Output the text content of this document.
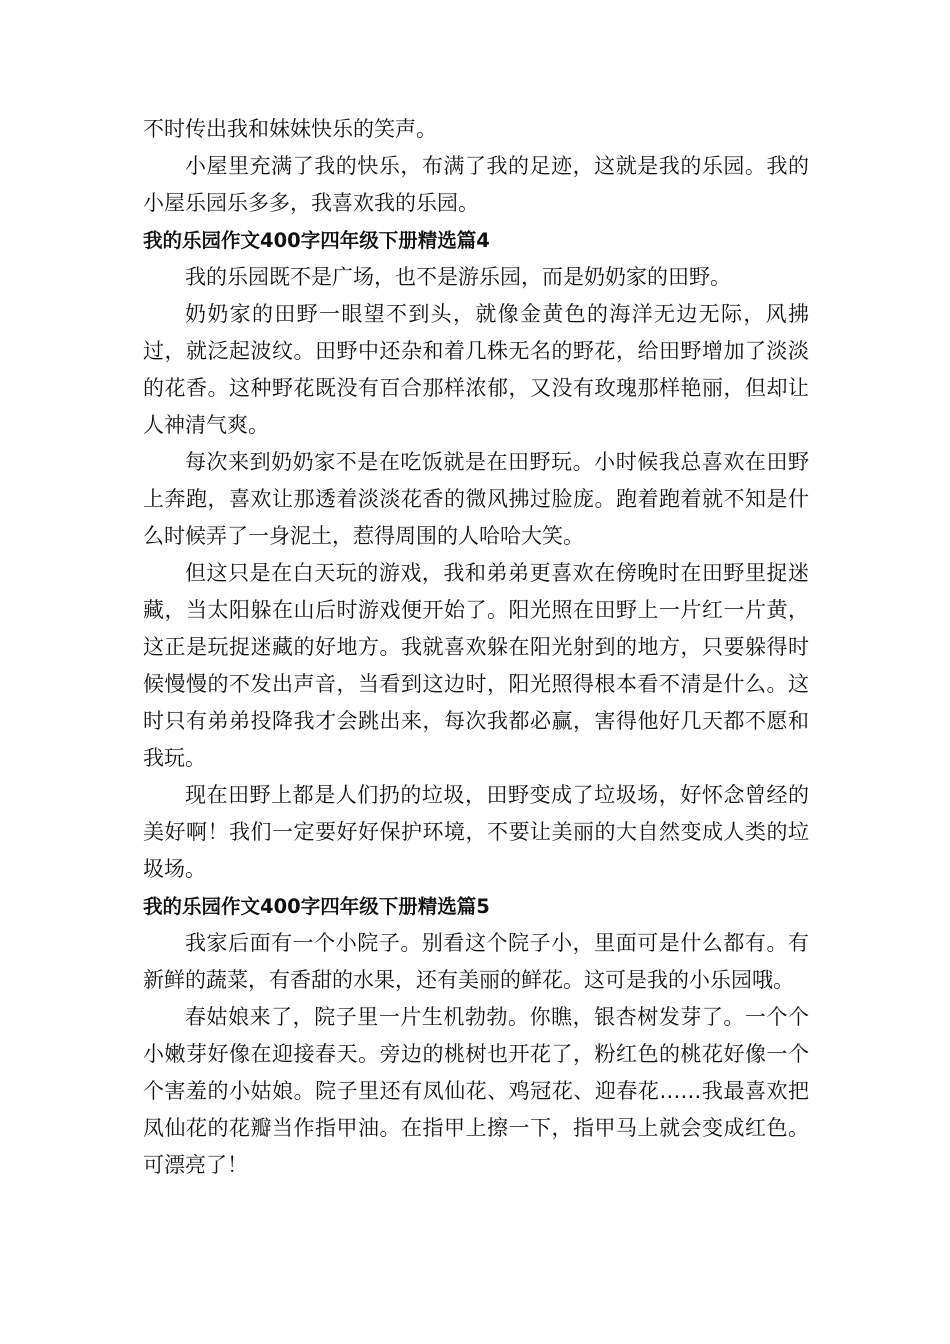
不时传出我和妹妹快乐的笑声。

小屋里充满了我的快乐，布满了我的足迹，这就是我的乐园。我的小屋乐园乐多多，我喜欢我的乐园。

我的乐园作文400字四年级下册精选篇4

我的乐园既不是广场，也不是游乐园，而是奶奶家的田野。

奶奶家的田野一眼望不到头，就像金黄色的海洋无边无际，风拂过，就泛起波纹。田野中还杂和着几株无名的野花，给田野增加了淡淡的花香。这种野花既没有百合那样浓郁，又没有玫瑰那样艳丽，但却让人神清气爽。

每次来到奶奶家不是在吃饭就是在田野玩。小时候我总喜欢在田野上奔跑，喜欢让那透着淡淡花香的微风拂过脸庞。跑着跑着就不知是什么时候弄了一身泥土，惹得周围的人哈哈大笑。

但这只是在白天玩的游戏，我和弟弟更喜欢在傍晚时在田野里捉迷藏，当太阳躲在山后时游戏便开始了。阳光照在田野上一片红一片黄，这正是玩捉迷藏的好地方。我就喜欢躲在阳光射到的地方，只要躲得时候慢慢的不发出声音，当看到这边时，阳光照得根本看不清是什么。这时只有弟弟投降我才会跳出来，每次我都必赢，害得他好几天都不愿和我玩。

现在田野上都是人们扔的垃圾，田野变成了垃圾场，好怀念曾经的美好啊！我们一定要好好保护环境，不要让美丽的大自然变成人类的垃圾场。

我的乐园作文400字四年级下册精选篇5

我家后面有一个小院子。别看这个院子小，里面可是什么都有。有新鲜的蔬菜，有香甜的水果，还有美丽的鲜花。这可是我的小乐园哦。

春姑娘来了，院子里一片生机勃勃。你瞧，银杏树发芽了。一个个小嫩芽好像在迎接春天。旁边的桃树也开花了，粉红色的桃花好像一个个害羞的小姑娘。院子里还有凤仙花、鸡冠花、迎春花……我最喜欢把凤仙花的花瓣当作指甲油。在指甲上擦一下，指甲马上就会变成红色。可漂亮了！
